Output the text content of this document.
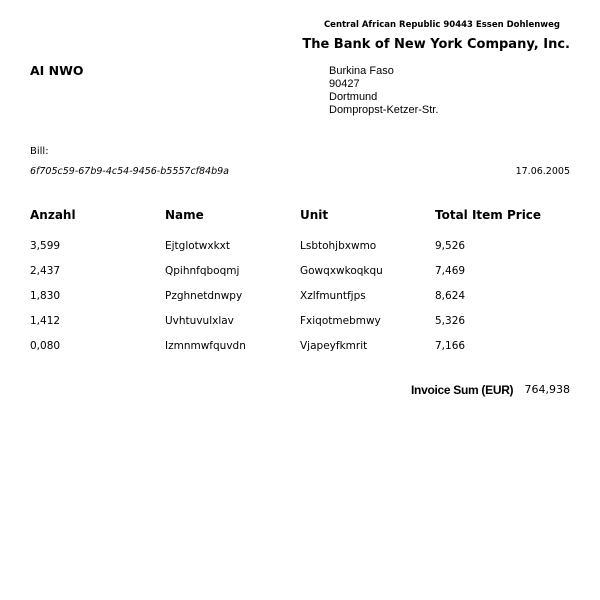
Central African Republic 90443 Essen Dohlenweg
The Bank of New York Company, Inc.
AI NWO	Burkina Faso
90427
Dortmund
Dompropst-Ketzer-Str.
Bill:
6f705c59-67b9-4c54-9456-b5557cf84b9a	17.06.2005
Anzahl	Name	Unit	Total Item Price
3,599	Ejtglotwxkxt	Lsbtohjbxwmo	9,526
2,437	Qpihnfqboqmj	Gowqxwkoqkqu	7,469
1,830	Pzghnetdnwpy	Xzlfmuntfjps	8,624
1,412	Uvhtuvulxlav	Fxiqotmebmwy	5,326
0,080	Izmnmwfquvdn	Vjapeyfkmrit	7,166
Invoice Sum (EUR) 764,938
